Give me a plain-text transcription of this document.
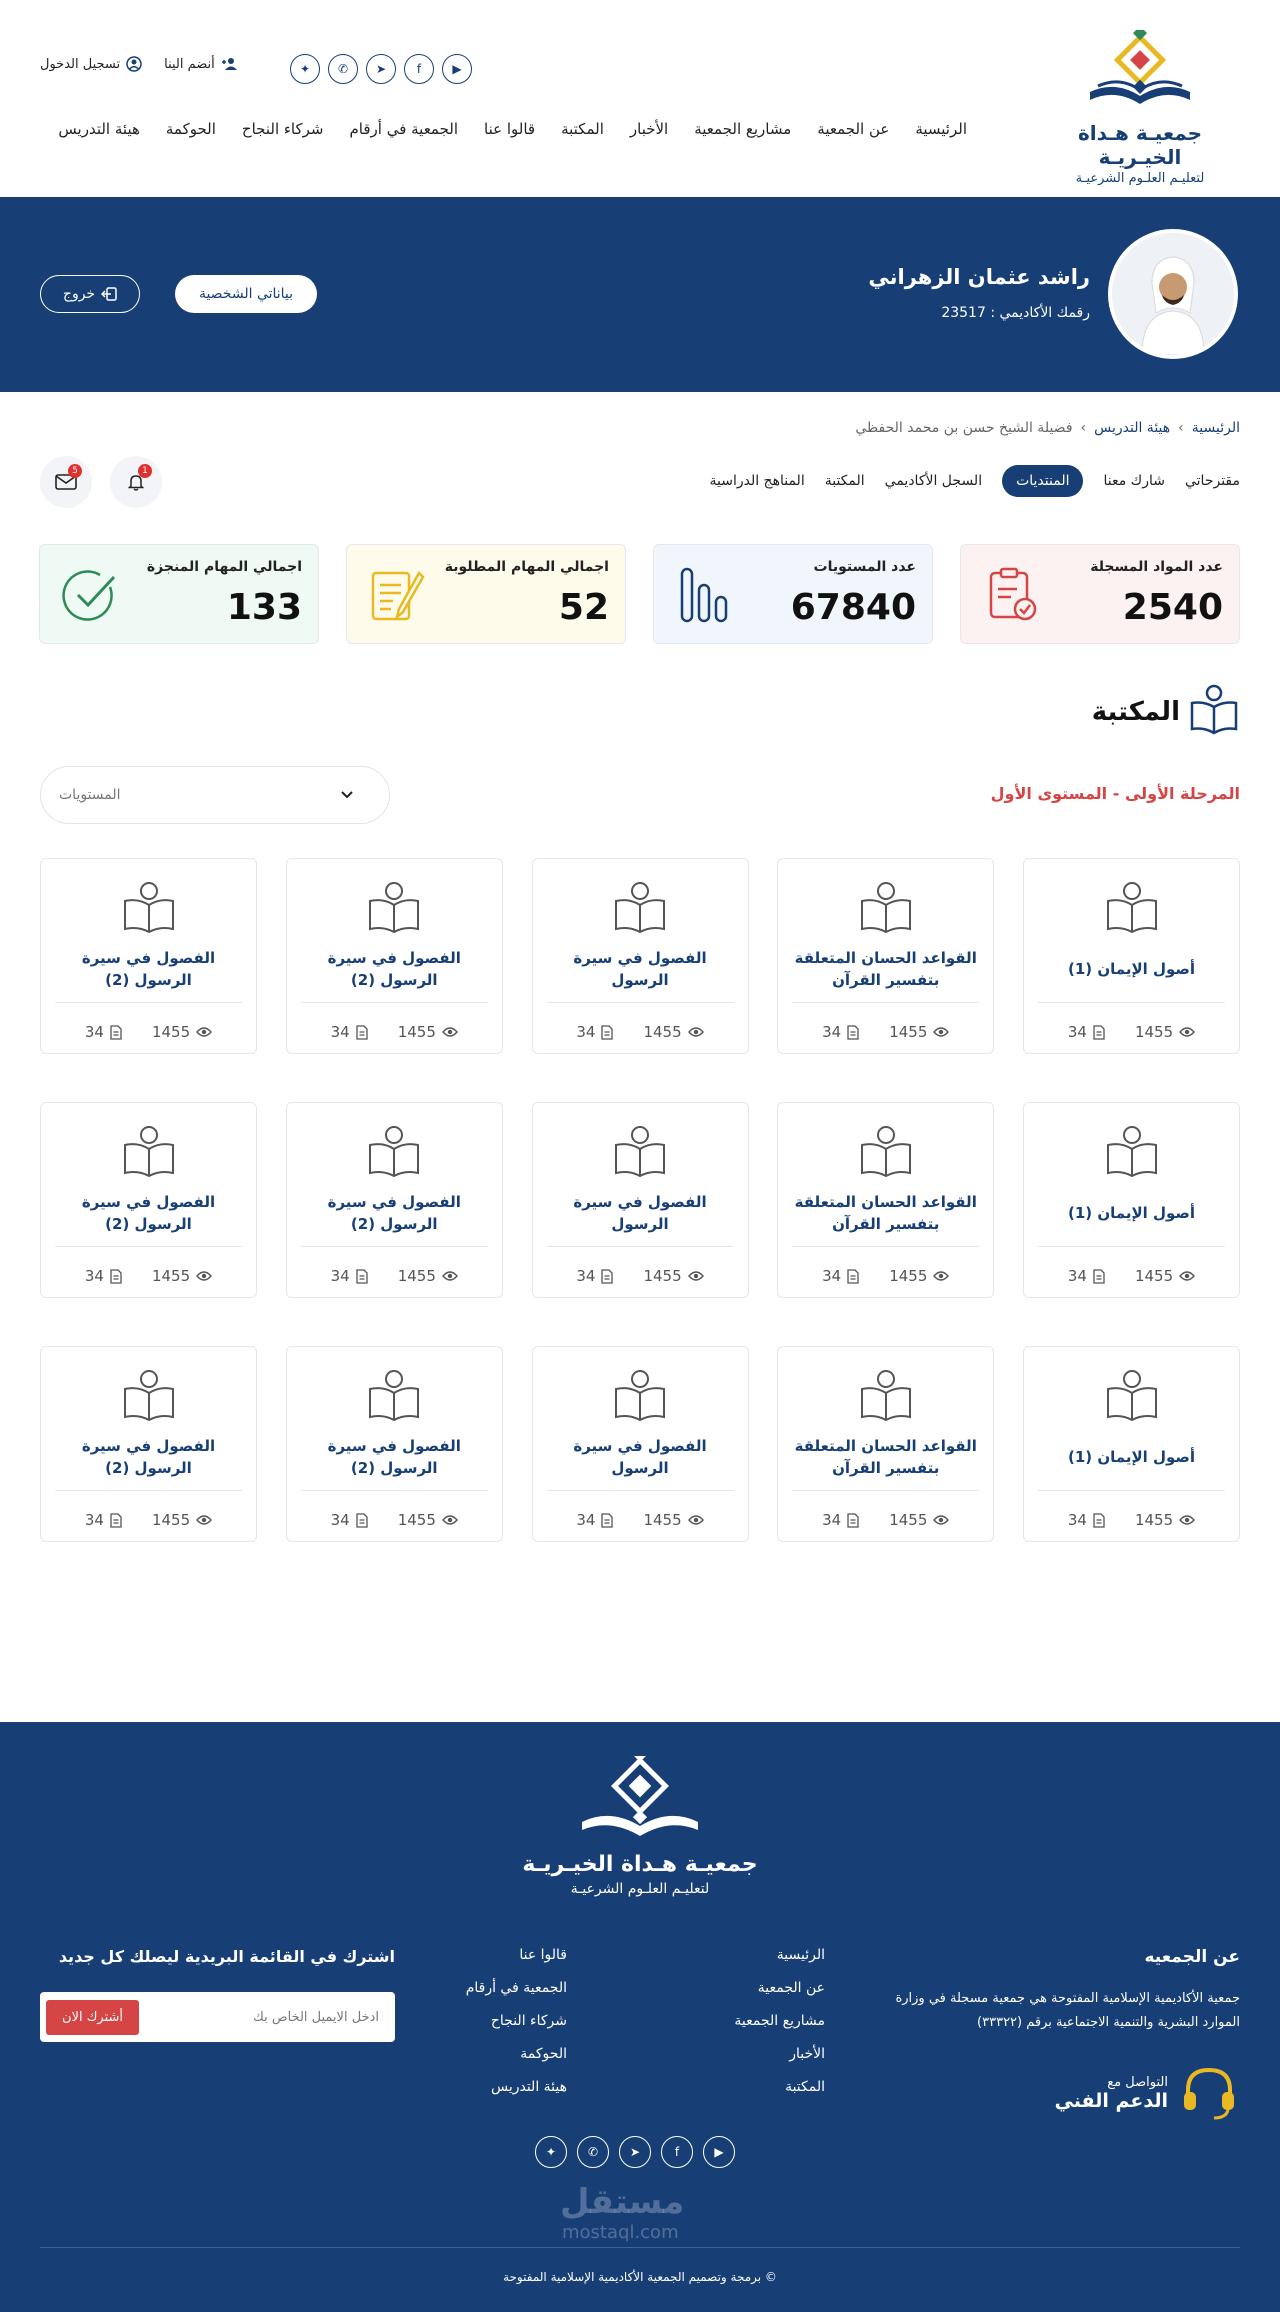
جمعيـة هـداة الخيـريـة
لتعليـم العلـوم الشرعيـة
الرئيسية
عن الجمعية
مشاريع الجمعية
الأخبار
المكتبة
قالوا عنا
الجمعية في أرقام
شركاء النجاح
الحوكمة
هيئة التدريس
▶
f
➤
✆
✦
أنضم الينا
تسجيل الدخول
راشد عثمان الزهراني
رقمك الأكاديمي : 23517
بياناتي الشخصية
خروج
الرئيسية
›
هيئة التدريس
›
فضيلة الشيخ حسن بن محمد الحفظي
مقترحاتي
شارك معنا
المنتديات
السجل الأكاديمي
المكتبة
المناهج الدراسية
1
5
عدد المواد المسجلة
2540
عدد المستويات
67840
اجمالي المهام المطلوبة
52
اجمالي المهام المنجزة
133
المكتبة
المرحلة الأولى - المستوى الأول
المستويات
أصول الإيمان (1)
1455
34
القواعد الحسان المتعلقة بتفسير القرآن
1455
34
الفصول في سيرة الرسول
1455
34
الفصول في سيرة الرسول (2)
1455
34
الفصول في سيرة الرسول (2)
1455
34
أصول الإيمان (1)
1455
34
القواعد الحسان المتعلقة بتفسير القرآن
1455
34
الفصول في سيرة الرسول
1455
34
الفصول في سيرة الرسول (2)
1455
34
الفصول في سيرة الرسول (2)
1455
34
أصول الإيمان (1)
1455
34
القواعد الحسان المتعلقة بتفسير القرآن
1455
34
الفصول في سيرة الرسول
1455
34
الفصول في سيرة الرسول (2)
1455
34
الفصول في سيرة الرسول (2)
1455
34
جمعيـة هـداة الخيـريـة
لتعليـم العلـوم الشرعيـة
عن الجمعيه
جمعية الأكاديمية الإسلامية المفتوحة هي جمعية مسجلة في وزارة الموارد البشرية والتنمية الاجتماعية برقم (٣٣٣٢٢)
التواصل مع
الدعم الفني
الرئيسية
عن الجمعية
مشاريع الجمعية
الأخبار
المكتبة
قالوا عنا
الجمعية في أرقام
شركاء النجاح
الحوكمة
هيئة التدريس
اشترك في القائمة البريدية ليصلك كل جديد
ادخل الايميل الخاص بك
أشترك الان
▶
f
➤
✆
✦
مستقل
mostaql.com
© برمجة وتصميم الجمعية الأكاديمية الإسلامية المفتوحة
